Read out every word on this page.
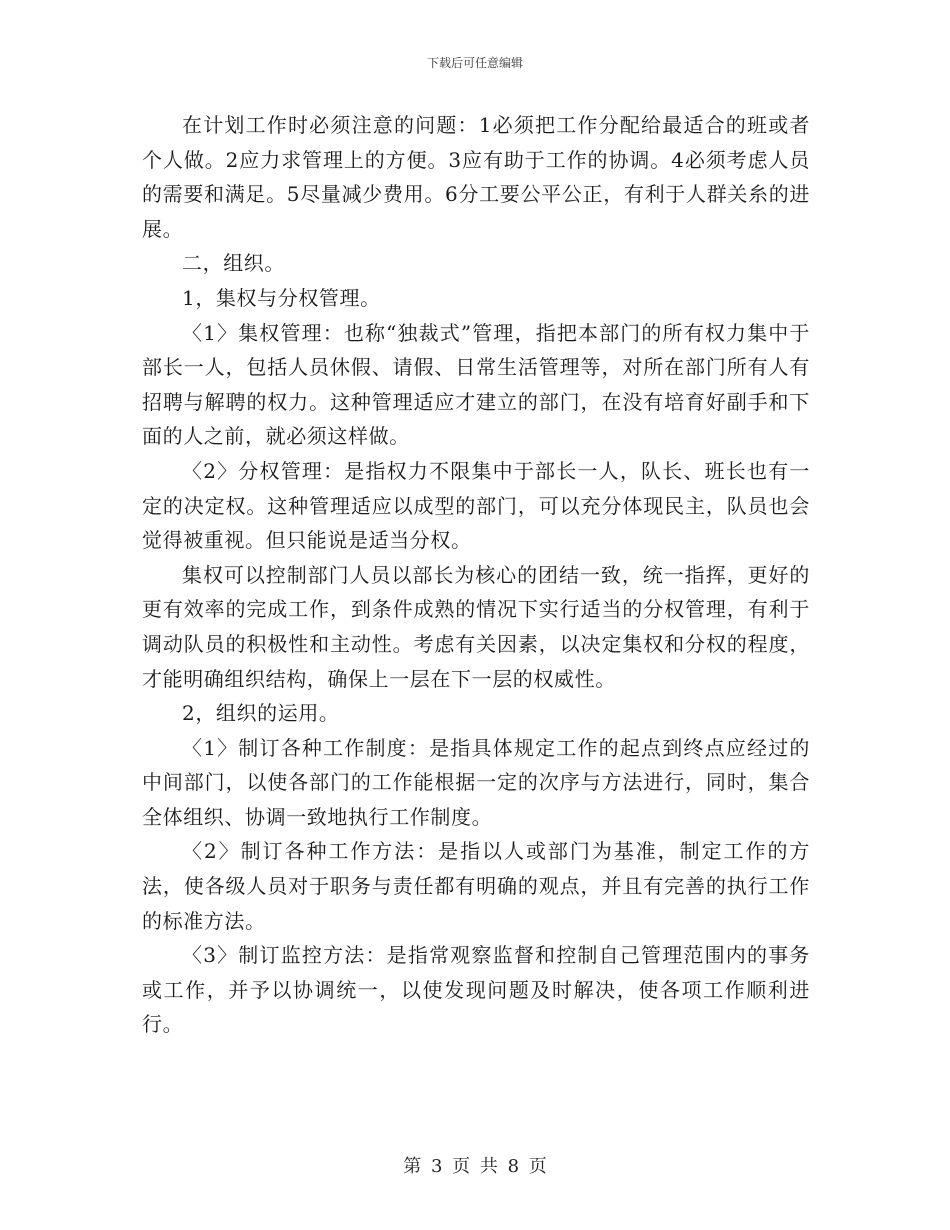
下载后可任意编辑

在计划工作时必须注意的问题：1必须把工作分配给最适合的班或者个人做。2应力求管理上的方便。3应有助于工作的协调。4必须考虑人员的需要和满足。5尽量减少费用。6分工要公平公正，有利于人群关糸的进展。

二，组织。

1，集权与分权管理。

〈1〉集权管理：也称“独裁式”管理，指把本部门的所有权力集中于部长一人，包括人员休假、请假、日常生活管理等，对所在部门所有人有招聘与解聘的权力。这种管理适应才建立的部门，在没有培育好副手和下面的人之前，就必须这样做。

〈2〉分权管理：是指权力不限集中于部长一人，队长、班长也有一定的决定权。这种管理适应以成型的部门，可以充分体现民主，队员也会觉得被重视。但只能说是适当分权。

集权可以控制部门人员以部长为核心的团结一致，统一指挥，更好的更有效率的完成工作，到条件成熟的情况下实行适当的分权管理，有利于调动队员的积极性和主动性。考虑有关因素，以决定集权和分权的程度，才能明确组织结构，确保上一层在下一层的权威性。

2，组织的运用。

〈1〉制订各种工作制度：是指具体规定工作的起点到终点应经过的中间部门，以使各部门的工作能根据一定的次序与方法进行，同时，集合全体组织、协调一致地执行工作制度。

〈2〉制订各种工作方法：是指以人或部门为基准，制定工作的方法，使各级人员对于职务与责任都有明确的观点，并且有完善的执行工作的标准方法。

〈3〉制订监控方法：是指常观察监督和控制自己管理范围内的事务或工作，并予以协调统一，以使发现问题及时解决，使各项工作顺利进行。

第 3 页 共 8 页
